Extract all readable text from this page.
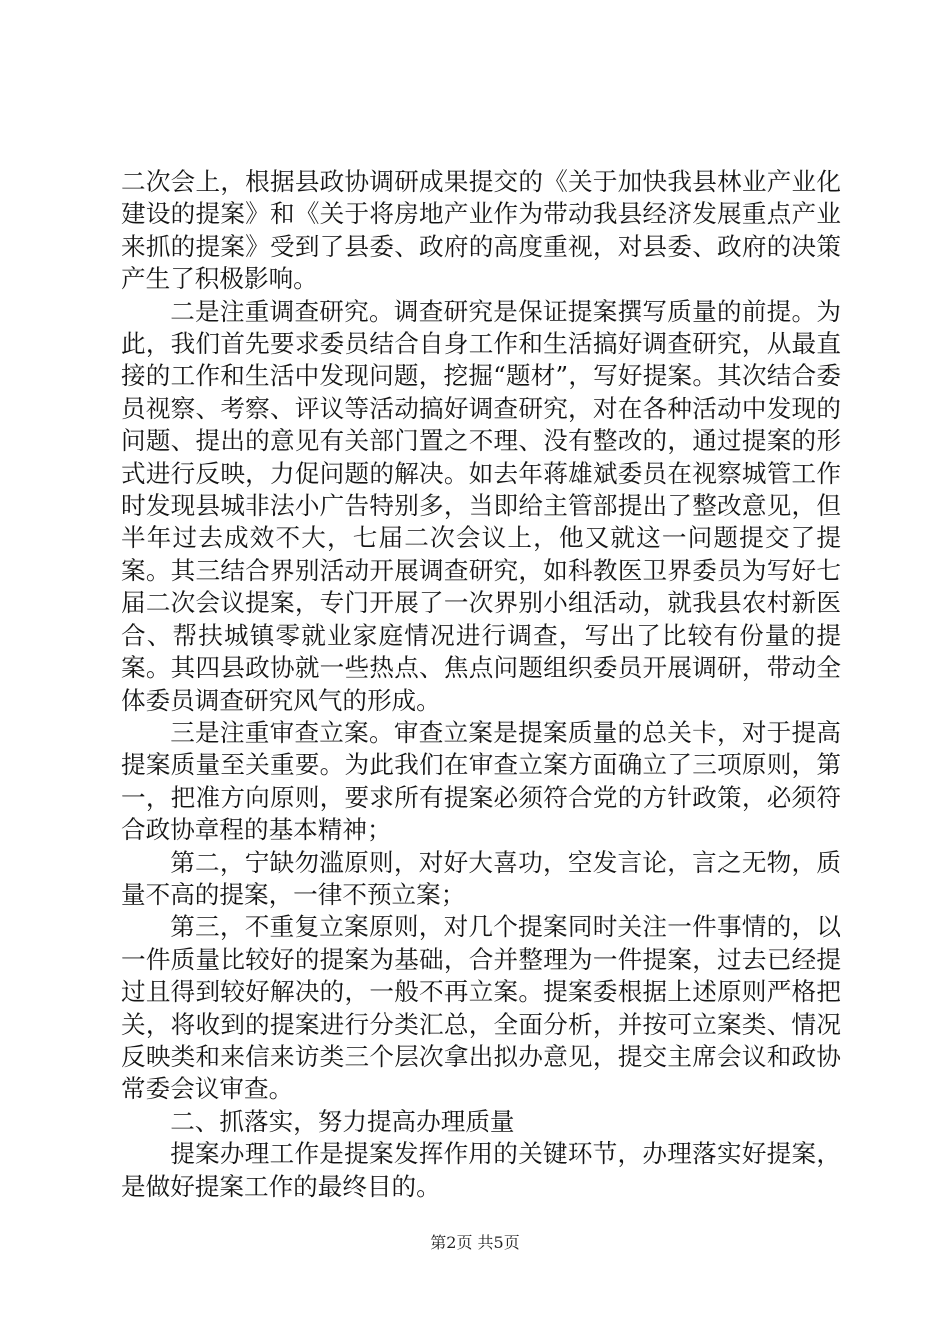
二次会上，根据县政协调研成果提交的《关于加快我县林业产业化建设的提案》和《关于将房地产业作为带动我县经济发展重点产业来抓的提案》受到了县委、政府的高度重视，对县委、政府的决策产生了积极影响。

二是注重调查研究。调查研究是保证提案撰写质量的前提。为此，我们首先要求委员结合自身工作和生活搞好调查研究，从最直接的工作和生活中发现问题，挖掘“题材”，写好提案。其次结合委员视察、考察、评议等活动搞好调查研究，对在各种活动中发现的问题、提出的意见有关部门置之不理、没有整改的，通过提案的形式进行反映，力促问题的解决。如去年蒋雄斌委员在视察城管工作时发现县城非法小广告特别多，当即给主管部提出了整改意见，但半年过去成效不大，七届二次会议上，他又就这一问题提交了提案。其三结合界别活动开展调查研究，如科教医卫界委员为写好七届二次会议提案，专门开展了一次界别小组活动，就我县农村新医合、帮扶城镇零就业家庭情况进行调查，写出了比较有份量的提案。其四县政协就一些热点、焦点问题组织委员开展调研，带动全体委员调查研究风气的形成。

三是注重审查立案。审查立案是提案质量的总关卡，对于提高提案质量至关重要。为此我们在审查立案方面确立了三项原则，第一，把准方向原则，要求所有提案必须符合党的方针政策，必须符合政协章程的基本精神；

第二，宁缺勿滥原则，对好大喜功，空发言论，言之无物，质量不高的提案，一律不预立案；

第三，不重复立案原则，对几个提案同时关注一件事情的，以一件质量比较好的提案为基础，合并整理为一件提案，过去已经提过且得到较好解决的，一般不再立案。提案委根据上述原则严格把关，将收到的提案进行分类汇总，全面分析，并按可立案类、情况反映类和来信来访类三个层次拿出拟办意见，提交主席会议和政协常委会议审查。

二、抓落实，努力提高办理质量

提案办理工作是提案发挥作用的关键环节，办理落实好提案，是做好提案工作的最终目的。

第2页 共5页
